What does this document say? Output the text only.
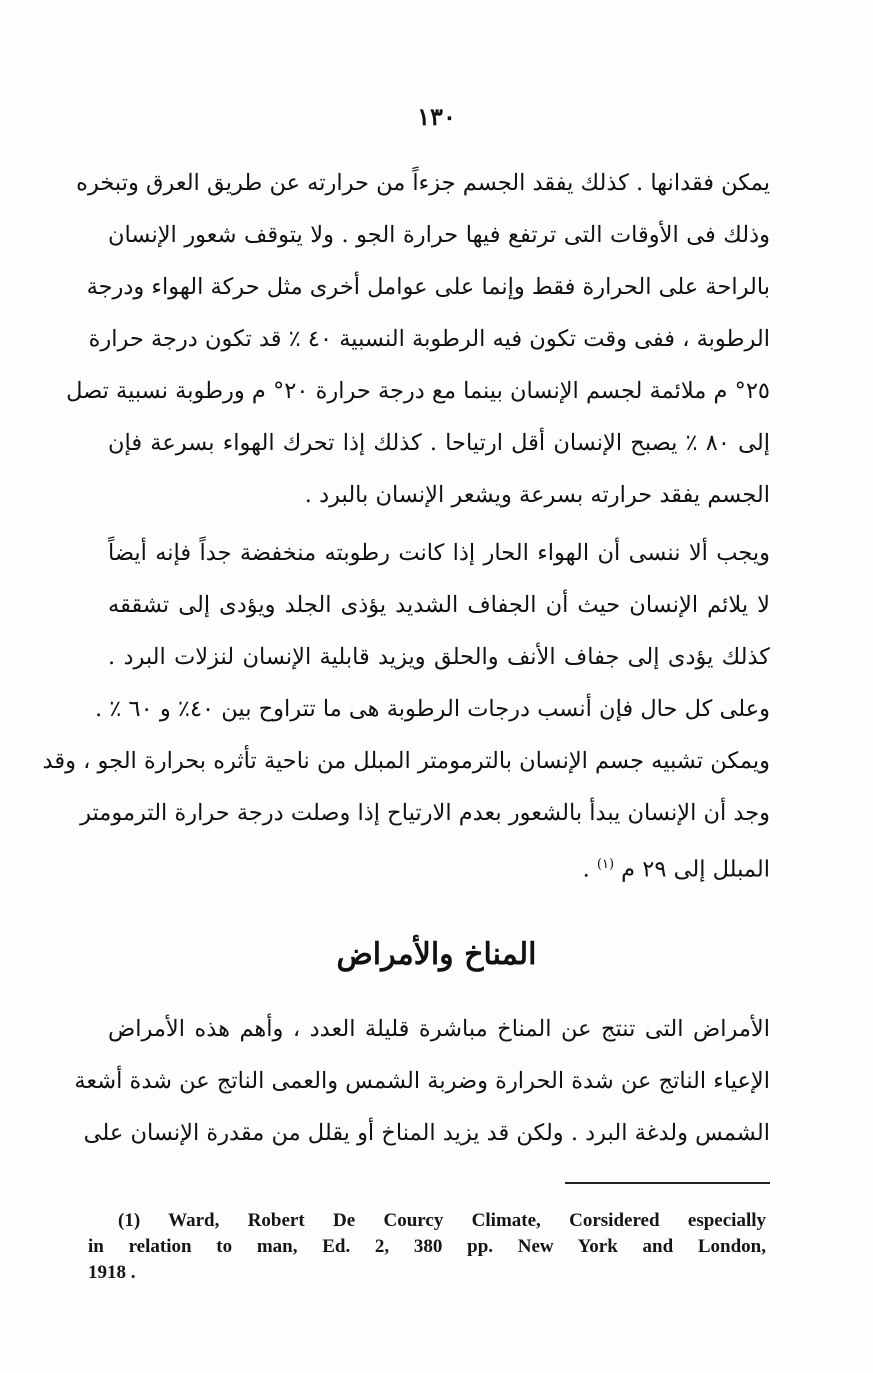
١٣٠
يمكن فقدانها . كذلك يفقد الجسم جزءاً من حرارته عن طريق العرق وتبخره
وذلك فى الأوقات التى ترتفع فيها حرارة الجو . ولا يتوقف شعور الإنسان
بالراحة على الحرارة فقط وإنما على عوامل أخرى مثل حركة الهواء ودرجة
الرطوبة ، ففى وقت تكون فيه الرطوبة النسبية ٤٠ ٪ قد تكون درجة حرارة
٢٥° م ملائمة لجسم الإنسان بينما مع درجة حرارة ٢٠° م ورطوبة نسبية تصل
إلى ٨٠ ٪ يصبح الإنسان أقل ارتياحا . كذلك إذا تحرك الهواء بسرعة فإن
الجسم يفقد حرارته بسرعة ويشعر الإنسان بالبرد .
ويجب ألا ننسى أن الهواء الحار إذا كانت رطوبته منخفضة جداً فإنه أيضاً
لا يلائم الإنسان حيث أن الجفاف الشديد يؤذى الجلد ويؤدى إلى تشققه
كذلك يؤدى إلى جفاف الأنف والحلق ويزيد قابلية الإنسان لنزلات البرد .
وعلى كل حال فإن أنسب درجات الرطوبة هى ما تتراوح بين ٤٠٪ و ٦٠ ٪ .
ويمكن تشبيه جسم الإنسان بالترمومتر المبلل من ناحية تأثره بحرارة الجو ، وقد
وجد أن الإنسان يبدأ بالشعور بعدم الارتياح إذا وصلت درجة حرارة الترمومتر
المبلل إلى ٢٩ م $^{(١)}$ .
المناخ والأمراض
الأمراض التى تنتج عن المناخ مباشرة قليلة العدد ، وأهم هذه الأمراض
الإعياء الناتج عن شدة الحرارة وضربة الشمس والعمى الناتج عن شدة أشعة
الشمس ولدغة البرد . ولكن قد يزيد المناخ أو يقلل من مقدرة الإنسان على
(1) Ward, Robert De Courcy Climate, Corsidered especially
in relation to man, Ed. 2, 380 pp. New York and London,
1918 .
